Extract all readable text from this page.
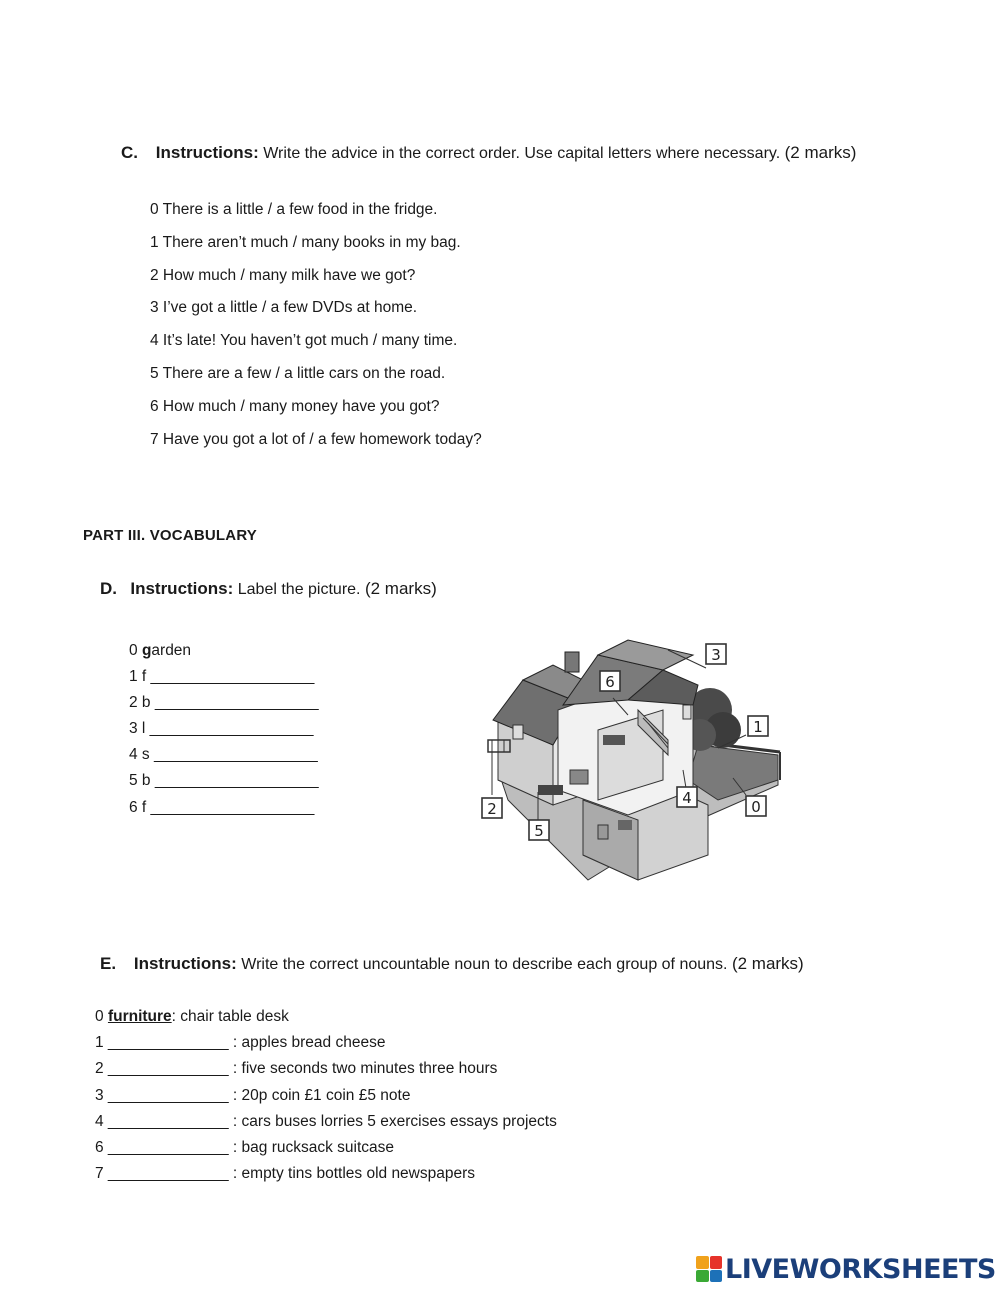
C. Instructions: Write the advice in the correct order. Use capital letters where necessary. (2 marks)
0 There is a little / a few food in the fridge.
1 There aren’t much / many books in my bag.
2 How much / many milk have we got?
3 I’ve got a little / a few DVDs at home.
4 It’s late! You haven’t got much / many time.
5 There are a few / a little cars on the road.
6 How much / many money have you got?
7 Have you got a lot of / a few homework today?
PART III. VOCABULARY
D. Instructions: Label the picture. (2 marks)
0 garden
1 f ___________________
2 b ___________________
3 l ___________________
4 s ___________________
5 b ___________________
6 f ___________________
3
6
1
4
2	0
5
E. Instructions: Write the correct uncountable noun to describe each group of nouns. (2 marks)
0 furniture: chair table desk
1 ______________ : apples bread cheese
2 ______________ : five seconds two minutes three hours
3 ______________ : 20p coin £1 coin £5 note
4 ______________ : cars buses lorries 5 exercises essays projects
6 ______________ : bag rucksack suitcase
7 ______________ : empty tins bottles old newspapers
LIVEWORKSHEETS
